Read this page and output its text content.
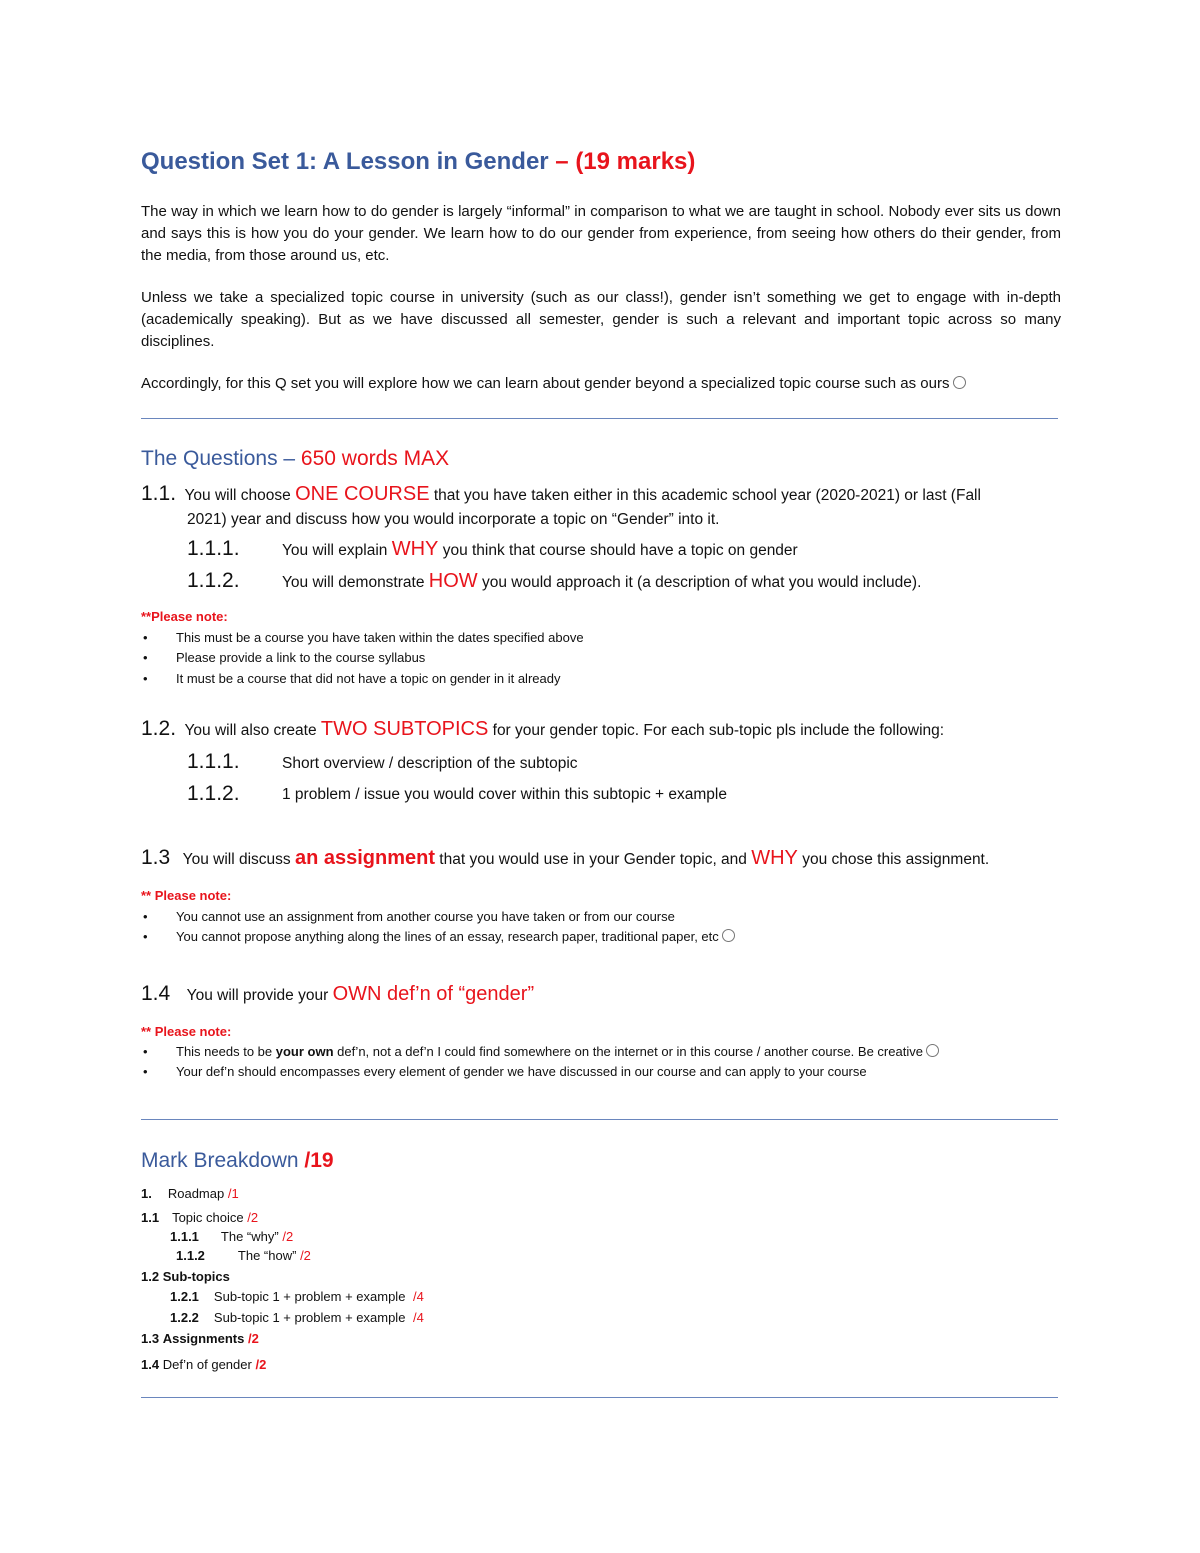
Question Set 1: A Lesson in Gender – (19 marks)

The way in which we learn how to do gender is largely “informal” in comparison to what we are taught in school. Nobody ever sits us down and says this is how you do your gender. We learn how to do our gender from experience, from seeing how others do their gender, from the media, from those around us, etc.

Unless we take a specialized topic course in university (such as our class!), gender isn’t something we get to engage with in-depth (academically speaking). But as we have discussed all semester, gender is such a relevant and important topic across so many disciplines.

Accordingly, for this Q set you will explore how we can learn about gender beyond a specialized topic course such as ours

The Questions – 650 words MAX
1.1. You will choose ONE COURSE that you have taken either in this academic school year (2020-2021) or last (Fall
2021) year and discuss how you would incorporate a topic on “Gender” into it.
1.1.1.	You will explain WHY you think that course should have a topic on gender
1.1.2.	You will demonstrate HOW you would approach it (a description of what you would include).
**Please note:
• This must be a course you have taken within the dates specified above
• Please provide a link to the course syllabus
• It must be a course that did not have a topic on gender in it already
1.2. You will also create TWO SUBTOPICS for your gender topic. For each sub-topic pls include the following:
1.1.1.	Short overview / description of the subtopic
1.1.2.	1 problem / issue you would cover within this subtopic + example
1.3 You will discuss an assignment that you would use in your Gender topic, and WHY you chose this assignment.
** Please note:
• You cannot use an assignment from another course you have taken or from our course
• You cannot propose anything along the lines of an essay, research paper, traditional paper, etc
1.4 You will provide your OWN def’n of “gender”
** Please note:
• This needs to be your own def’n, not a def’n I could find somewhere on the internet or in this course / another course. Be creative
• Your def’n should encompasses every element of gender we have discussed in our course and can apply to your course
Mark Breakdown /19
1. Roadmap /1
1.1 Topic choice /2
1.1.1 The “why” /2
1.1.2	The “how” /2
1.2 Sub-topics
1.2.1 Sub-topic 1 + problem + example /4
1.2.2 Sub-topic 1 + problem + example /4
1.3 Assignments /2
1.4 Def’n of gender /2
